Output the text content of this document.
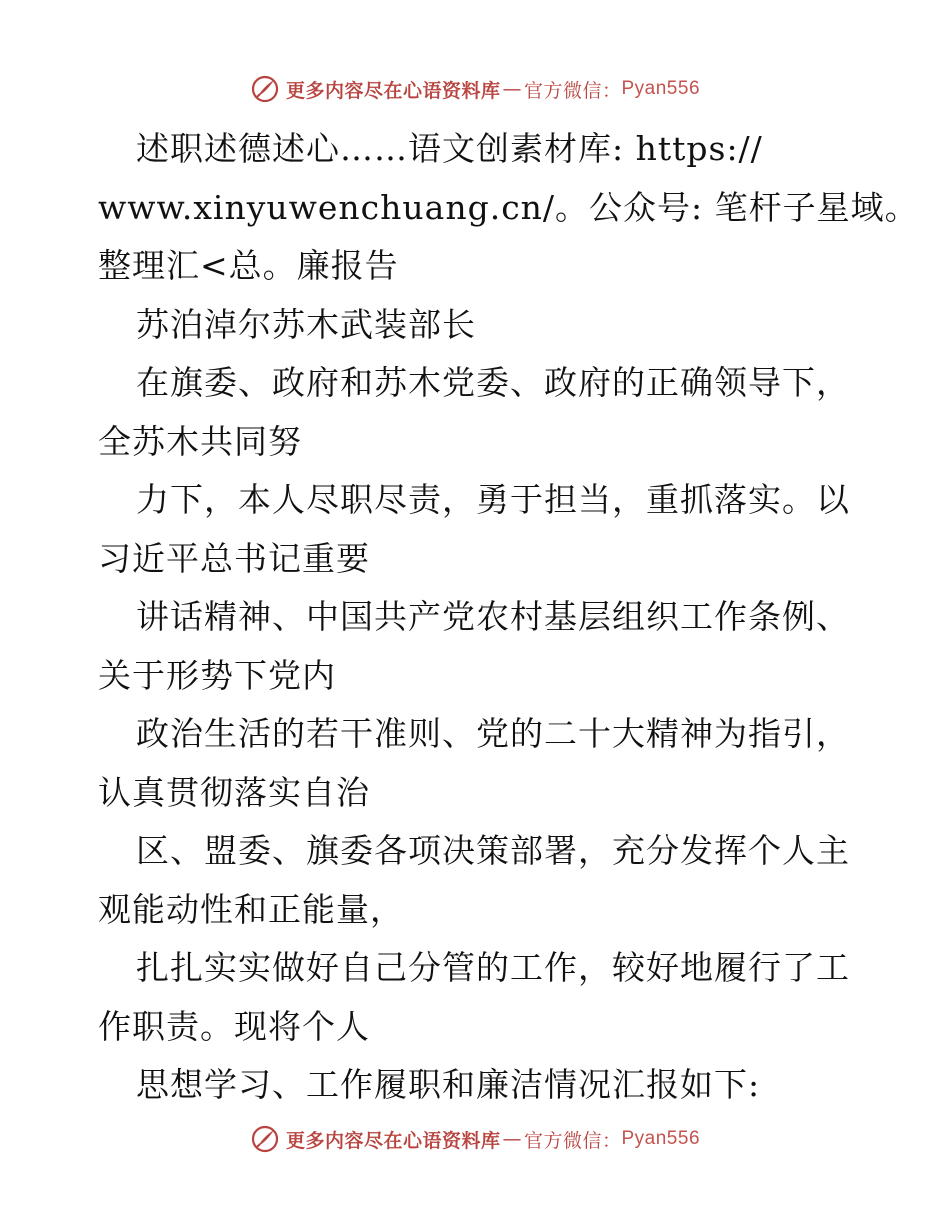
更多内容尽在心语资料库 — 官方微信： Pyan556

述职述德述心……语文创素材库: https://

www.xinyuwenchuang.cn/。公众号: 笔杆子星域。

整理汇<总。廉报告

苏泊淖尔苏木武装部长

在旗委、政府和苏木党委、政府的正确领导下，

全苏木共同努

力下，本人尽职尽责，勇于担当，重抓落实。以

习近平总书记重要

讲话精神、中国共产党农村基层组织工作条例、

关于形势下党内

政治生活的若干准则、党的二十大精神为指引，

认真贯彻落实自治

区、盟委、旗委各项决策部署，充分发挥个人主

观能动性和正能量，

扎扎实实做好自己分管的工作，较好地履行了工

作职责。现将个人

思想学习、工作履职和廉洁情况汇报如下:

更多内容尽在心语资料库 — 官方微信： Pyan556
